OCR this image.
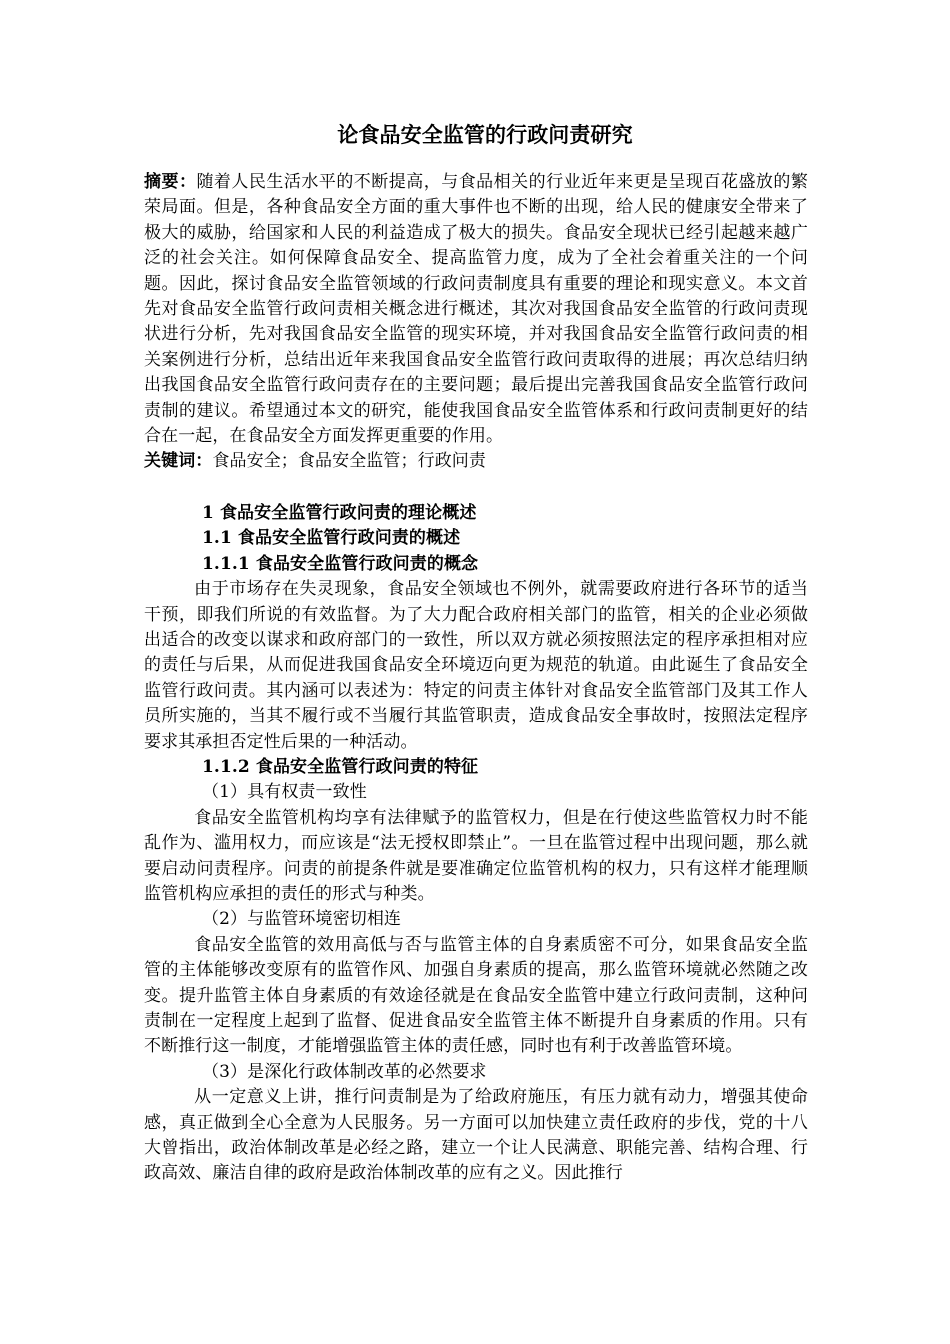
论食品安全监管的行政问责研究

摘要：随着人民生活水平的不断提高，与食品相关的行业近年来更是呈现百花盛放的繁荣局面。但是，各种食品安全方面的重大事件也不断的出现，给人民的健康安全带来了极大的威胁，给国家和人民的利益造成了极大的损失。食品安全现状已经引起越来越广泛的社会关注。如何保障食品安全、提高监管力度，成为了全社会着重关注的一个问题。因此，探讨食品安全监管领域的行政问责制度具有重要的理论和现实意义。本文首先对食品安全监管行政问责相关概念进行概述，其次对我国食品安全监管的行政问责现状进行分析，先对我国食品安全监管的现实环境，并对我国食品安全监管行政问责的相关案例进行分析，总结出近年来我国食品安全监管行政问责取得的进展；再次总结归纳出我国食品安全监管行政问责存在的主要问题；最后提出完善我国食品安全监管行政问责制的建议。希望通过本文的研究，能使我国食品安全监管体系和行政问责制更好的结合在一起，在食品安全方面发挥更重要的作用。

关键词：食品安全；食品安全监管；行政问责

1 食品安全监管行政问责的理论概述

1.1 食品安全监管行政问责的概述

1.1.1 食品安全监管行政问责的概念

由于市场存在失灵现象，食品安全领域也不例外，就需要政府进行各环节的适当干预，即我们所说的有效监督。为了大力配合政府相关部门的监管，相关的企业必须做出适合的改变以谋求和政府部门的一致性，所以双方就必须按照法定的程序承担相对应的责任与后果，从而促进我国食品安全环境迈向更为规范的轨道。由此诞生了食品安全监管行政问责。其内涵可以表述为：特定的问责主体针对食品安全监管部门及其工作人员所实施的，当其不履行或不当履行其监管职责，造成食品安全事故时，按照法定程序要求其承担否定性后果的一种活动。

1.1.2 食品安全监管行政问责的特征

（1）具有权责一致性

食品安全监管机构均享有法律赋予的监管权力，但是在行使这些监管权力时不能乱作为、滥用权力，而应该是“法无授权即禁止”。一旦在监管过程中出现问题，那么就要启动问责程序。问责的前提条件就是要准确定位监管机构的权力，只有这样才能理顺监管机构应承担的责任的形式与种类。

（2）与监管环境密切相连

食品安全监管的效用高低与否与监管主体的自身素质密不可分，如果食品安全监管的主体能够改变原有的监管作风、加强自身素质的提高，那么监管环境就必然随之改变。提升监管主体自身素质的有效途径就是在食品安全监管中建立行政问责制，这种问责制在一定程度上起到了监督、促进食品安全监管主体不断提升自身素质的作用。只有不断推行这一制度，才能增强监管主体的责任感，同时也有利于改善监管环境。

（3）是深化行政体制改革的必然要求

从一定意义上讲，推行问责制是为了给政府施压，有压力就有动力，增强其使命感，真正做到全心全意为人民服务。另一方面可以加快建立责任政府的步伐，党的十八大曾指出，政治体制改革是必经之路，建立一个让人民满意、职能完善、结构合理、行政高效、廉洁自律的政府是政治体制改革的应有之义。因此推行
